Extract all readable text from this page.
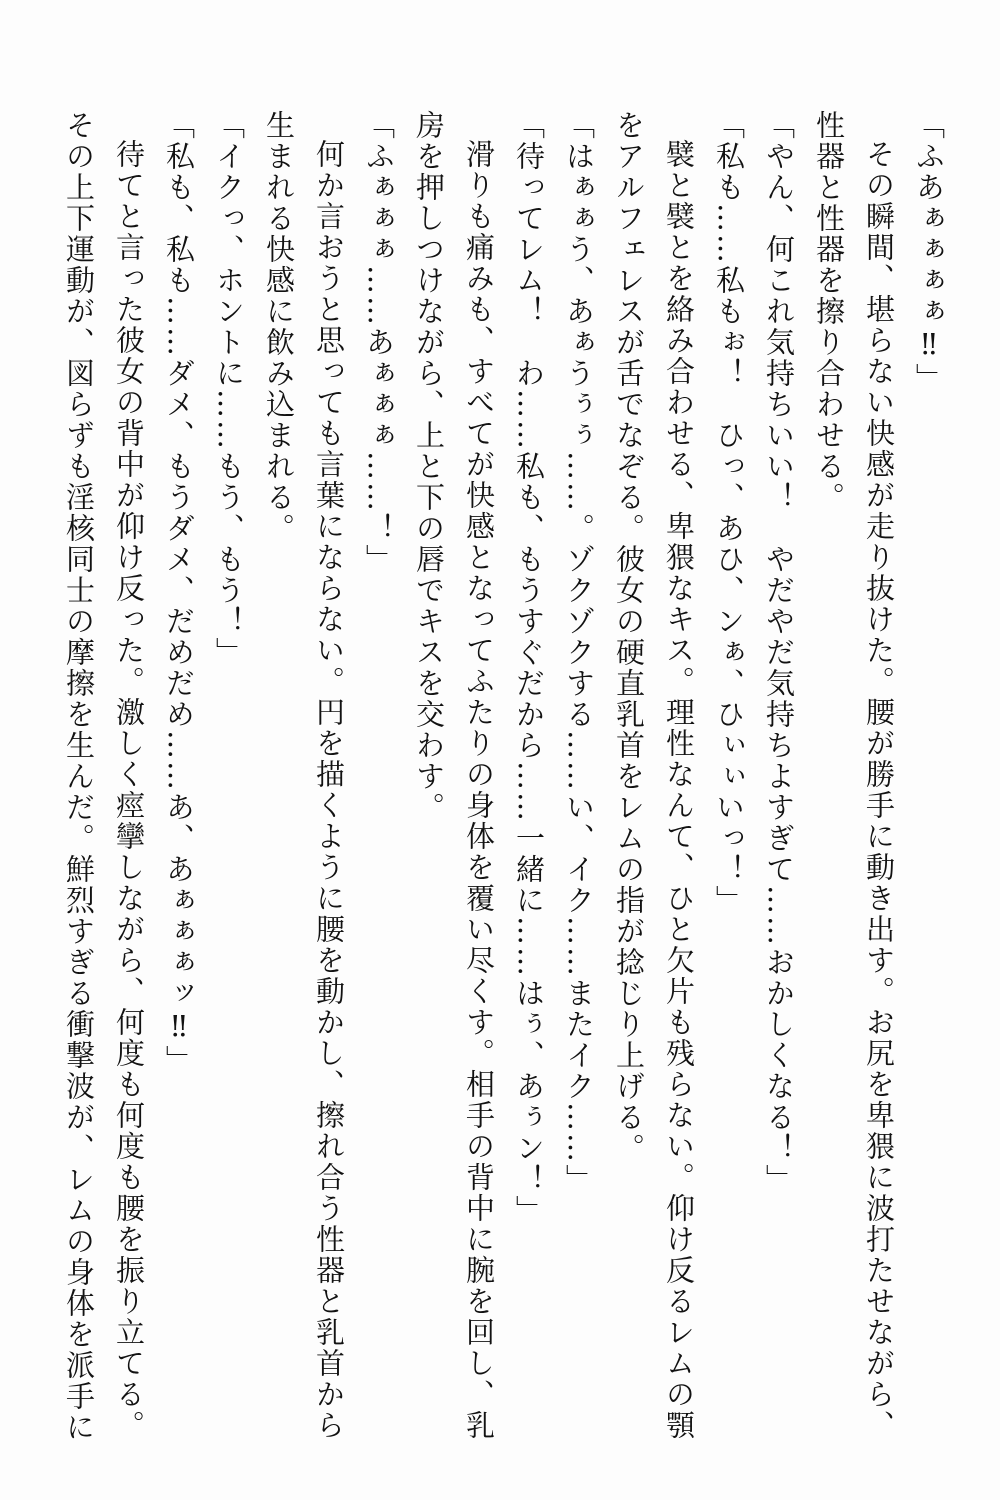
「ふあぁぁぁぁ‼」

その瞬間、堪らない快感が走り抜けた。腰が勝手に動き出す。お尻を卑猥に波打たせながら、性器と性器を擦り合わせる。

「やん、何これ気持ちいい！　やだやだ気持ちよすぎて……おかしくなる！」

「私も……私もぉ！　ひっ、あひ、ンぁ、ひぃぃいっ！」

襞と襞とを絡み合わせる、卑猥なキス。理性なんて、ひと欠片も残らない。仰け反るレムの顎をアルフェレスが舌でなぞる。彼女の硬直乳首をレムの指が捻じり上げる。

「はぁぁう、あぁうぅぅ……。ゾクゾクする……い、イク……またイク……」

「待ってレム！　わ……私も、もうすぐだから……一緒に……はぅ、あぅン！」

滑りも痛みも、すべてが快感となってふたりの身体を覆い尽くす。相手の背中に腕を回し、乳房を押しつけながら、上と下の唇でキスを交わす。

「ふぁぁぁ……あぁぁぁ……！」

何か言おうと思っても言葉にならない。円を描くように腰を動かし、擦れ合う性器と乳首から生まれる快感に飲み込まれる。

「イクっ、ホントに……もう、もう！」

「私も、私も……ダメ、もうダメ、だめだめ……あ、あぁぁぁッ‼」

待てと言った彼女の背中が仰け反った。激しく痙攣しながら、何度も何度も腰を振り立てる。

その上下運動が、図らずも淫核同士の摩擦を生んだ。鮮烈すぎる衝撃波が、レムの身体を派手に
